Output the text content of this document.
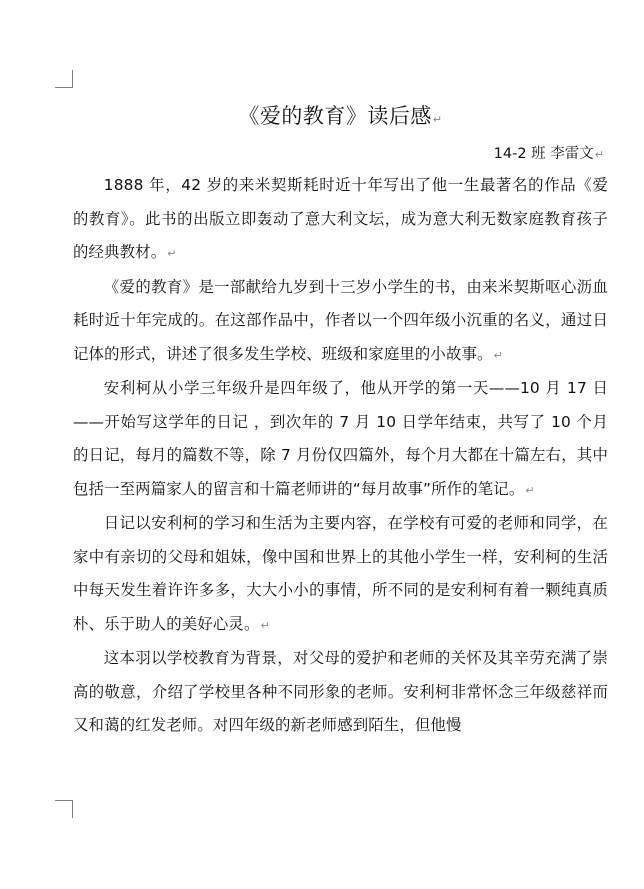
《爱的教育》读后感↵

14-2 班 李雷文↵

1888 年，42 岁的来米契斯耗时近十年写出了他一生最著名的作品《爱的教育》。此书的出版立即轰动了意大利文坛，成为意大利无数家庭教育孩子的经典教材。↵

《爱的教育》是一部献给九岁到十三岁小学生的书，由来米契斯呕心沥血耗时近十年完成的。在这部作品中，作者以一个四年级小沉重的名义，通过日记体的形式，讲述了很多发生学校、班级和家庭里的小故事。↵

安利柯从小学三年级升是四年级了，他从开学的第一天——10 月 17 日——开始写这学年的日记 ，到次年的 7 月 10 日学年结束，共写了 10 个月的日记，每月的篇数不等，除 7 月份仅四篇外，每个月大都在十篇左右，其中包括一至两篇家人的留言和十篇老师讲的“每月故事”所作的笔记。↵

日记以安利柯的学习和生活为主要内容，在学校有可爱的老师和同学，在家中有亲切的父母和姐妹，像中国和世界上的其他小学生一样，安利柯的生活中每天发生着许许多多，大大小小的事情，所不同的是安利柯有着一颗纯真质朴、乐于助人的美好心灵。↵

这本羽以学校教育为背景，对父母的爱护和老师的关怀及其辛劳充满了崇高的敬意，介绍了学校里各种不同形象的老师。安利柯非常怀念三年级慈祥而又和蔼的红发老师。对四年级的新老师感到陌生，但他慢
